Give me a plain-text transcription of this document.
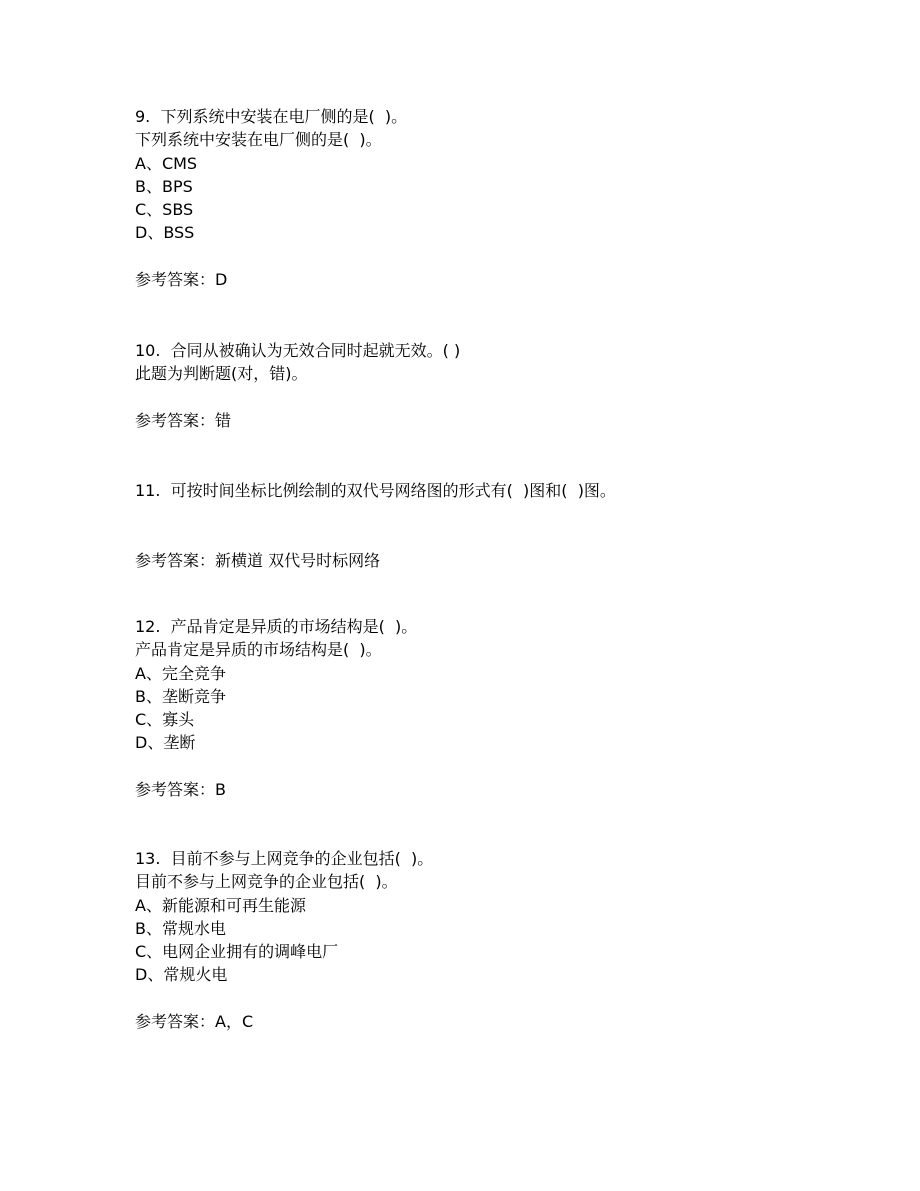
9.  下列系统中安装在电厂侧的是(  )。
下列系统中安装在电厂侧的是(  )。
A、CMS
B、BPS
C、SBS
D、BSS
参考答案：D
10.  合同从被确认为无效合同时起就无效。( )
此题为判断题(对，错)。
参考答案：错
11.  可按时间坐标比例绘制的双代号网络图的形式有(  )图和(  )图。
参考答案：新横道 双代号时标网络
12.  产品肯定是异质的市场结构是(  )。
产品肯定是异质的市场结构是(  )。
A、完全竞争
B、垄断竞争
C、寡头
D、垄断
参考答案：B
13.  目前不参与上网竞争的企业包括(  )。
目前不参与上网竞争的企业包括(  )。
A、新能源和可再生能源
B、常规水电
C、电网企业拥有的调峰电厂
D、常规火电
参考答案：A，C
